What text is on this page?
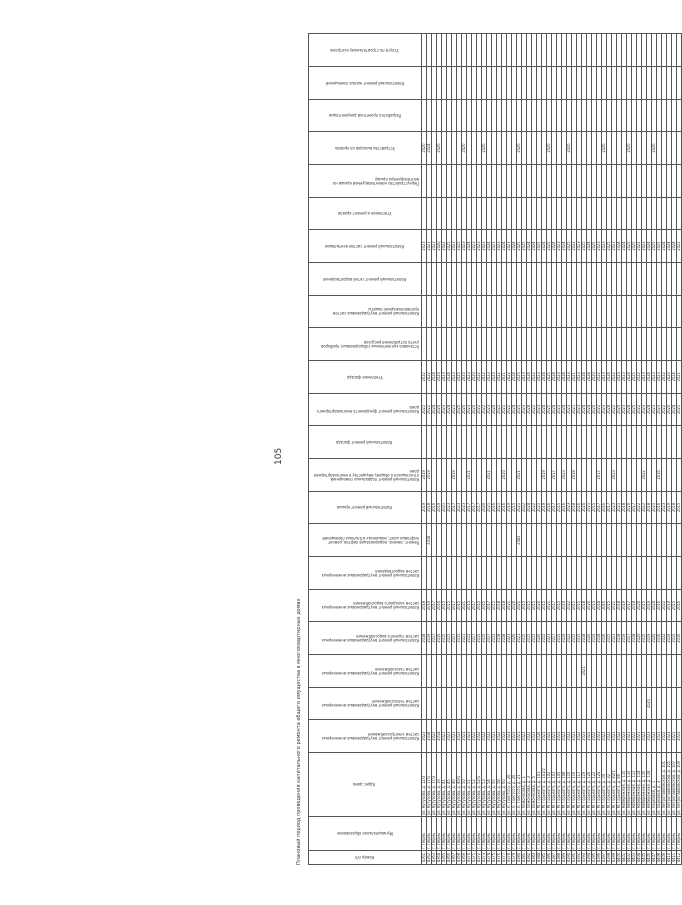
105
Плановый период проведения капитального ремонта общего имущества в многоквартирных домах	Номер п/п	Муниципальное образование	Адрес дома	Капитальный ремонт внутридомовых инженерных систем электроснабжения	Капитальный ремонт внутридомовых инженерных систем теплоснабжения	Капитальный ремонт внутридомовых инженерных систем газоснабжения	Капитальный ремонт внутридомовых инженерных систем горячего водоснабжения	Капитальный ремонт внутридомовых инженерных систем холодного водоснабжения	Капитальный ремонт внутридомовых инженерных систем водоотведения	Ремонт, замена, модернизация лифтов, ремонт лифтовых шахт, машинных и блочных помещений	Капитальный ремонт крыши	Капитальный ремонт подвальных помещений, относящихся к общему имуществу в многоквартирном доме	Капитальный ремонт фасада	Капитальный ремонт фундамента многоквартирного дома	Утепление фасада	Установка коллективных (общедомовых) приборов учета потребления ресурсов	Капитальный ремонт внутридомовых систем противопожарной защиты	Капитальный ремонт сетей водоотведения	Капитальный ремонт систем вентиляции	Утепление и ремонт кровли	Переустройство невентилируемой крыши на вентилируемую крышу	Устройство выходов на кровлю	Разработка проектной документации	Капитальный ремонт жилых помещений	Услуги по строительному контролю
4361	г. Пермь	ул. Кутузова, д. 12/3	2023			2018	2018			2019	2019		2022	2022				2023			2026			
4362	г. Пермь	ул. Кутузова, д. 17/1	2018			2019	2019		2018	2018	2019		2022	2022				2023			2024			
4363	г. Пермь	ул. Кутузова, д. 17/3	2022			2017	2017			2016			2024	2024				2023						
4364	г. Пермь	ул. Кутузова, д. 19	2014			2016	2016			2019			2020	2020				2020			2026			
4365	г. Пермь	ул. Кутузова, д. 41	2021			2015	2015			2021			2023	2023				2022						
4366	г. Пермь	ул. Кутузова, д. 45	2023			2015	2015			2023			2024	2024				2025						
4367	г. Пермь	ул. Кутузова, д. 49	2023			2017	2017			2017	2019		2023	2023				2023						
4368	г. Пермь	ул. Кутузова, д. 49/1	2023			2015	2015			2023			2025	2025				2025						
4369	г. Пермь	ул. Кутузова, д. 50	2021			2021	2021			2023			2020	2020				2023			2026			
4370	г. Пермь	ул. Кутузова, д. 51	2023			2015	2015			2017	2021		2023	2023				2024						
4371	г. Пермь	ул. Кутузова, д. 52	2022			2017	2017			2017			2020	2020				2023						
4372	г. Пермь	ул. Кутузова, д. 52/1	2022			2015	2015			2017			2022	2022				2023						
4373	г. Пермь	ул. Кутузова, д. 53	2022			2015	2015			2020			2022	2022				2023			2026			
4374	г. Пермь	ул. Кутузова, д. 54	2022			2017	2017			2021	2021		2023	2023				2024						
4375	г. Пермь	ул. Кутузова, д. 56	2021			2015	2015			2016			2020	2020				2021						
4376	г. Пермь	ул. Кутузова, д. 58	2022			2018	2018			2021			2022	2022				2023						
4377	г. Пермь	ул. Кутузова, д. 60	2023			2018	2018			2016	2020		2021	2021				2024						
4378	г. Пермь	ул. Л. Толстого, д. 20	2023			2021	2021			2019			2022	2022				2023						
4379	г. Пермь	ул. Л. Толстого, д. 20	2023			2020	2020			2015			2024	2024				2024						
4380	г. Пермь	ул. Л. Толстого, д. 21	2021			2021	2021		2043	2021	2021		2025	2025				2025			2026			
4381	г. Пермь	ул. Ломоносова, д. 1	2021			2015	2015			2022			2023	2023				2025						
4382	г. Пермь	ул. Ломоносова, д. 3	2022			2015	2015			2024			2024	2024				2024						
4383	г. Пермь	ул. Ломоносова, д. 5	2023			2015	2015			2022			2022	2022				2024						
4384	г. Пермь	ул. М. Горького, д. 101	2020			2020	2020			2021			2023	2023				2025						
4385	г. Пермь	ул. М. Горького, д. 101/2	2021			2015	2015			2019	2019		2024	2024				2024						
4386	г. Пермь	ул. М. Горького, д. 102	2022			2021	2021			2016			2025	2025				2025			2026			
4387	г. Пермь	ул. М. Горького, д. 103	2021			2017	2017			2017	2017		2024	2024				2024						
4388	г. Пермь	ул. М. Горького, д. 105	2023			2015	2015			2015			2023	2023				2023						
4389	г. Пермь	ул. М. Горького, д. 108	2021			2019	2019			2016	2023		2024	2024				2024						
4390	г. Пермь	ул. М. Горького, д. 110	2022			2022	2022			2023			2023	2023				2025			2026			
4391	г. Пермь	ул. М. Горького, д. 116	2021			2015	2015			2018	2018		2021	2021				2022						
4392	г. Пермь	ул. М. Горького, д. 117	2022			2015	2015			2016			2023	2023				2023						
4393	г. Пермь	ул. М. Горького, д. 119	2023		2021	2018	2018			2020			2024	2024				2025						
4394	г. Пермь	ул. М. Горького, д. 120	2022			2020	2020			2021			2024	2024				2024						
4395	г. Пермь	ул. М. Горького, д. 122	2022			2015	2015			2015			2020	2020				2025						
4396	г. Пермь	ул. М. Горького, д. 12а	2023			2018	2018			2017	2017		2022	2022				2023						
4397	г. Пермь	ул. М. Горького, д. 30	2021			2016	2016			2016			2023	2023				2023			2026			
4398	г. Пермь	ул. М. Горького, д. 32	2022			2015	2015			2017			2024	2024				2025						
4399	г. Пермь	ул. М. Горького, д. 82/1	2021			2021	2021			2023	2023		2022	2022				2023						
4400	г. Пермь	ул. М. Горького, д. 86	2022			2018	2018			2021			2020	2020				2024						
4401	г. Пермь	ул. Набережная, д. 110	2023			2019	2019			2018			2023	2023				2024						
4402	г. Пермь	ул. Набережная, д. 110	2021			2017	2017			2020			2024	2024				2025			2026			
4403	г. Пермь	ул. Набережная, д. 112	2022			2018	2018			2017			2025	2025				2025						
4404	г. Пермь	ул. Набережная, д. 114	2021			2020	2020			2022			2022	2022				2022						
4405	г. Пермь	ул. Набережная, д. 116	2023			2015	2015			2022	2022		2023	2023				2023						
4406	г. Пермь	ул. Набережная, д. 118	2023	2021		2019	2019			2018			2024	2024				2024						
4407	г. Пермь	ул. Парковая, д. 1	2022			2020	2020			2021			2023	2023				2025			2026			
4408	г. Пермь	ул. Парковая, д. 3	2021			2016	2016			2016	2016		2023	2023				2025						
4409	г. Пермь	ул. Петропавловская, д. 101	2022			2022	2022			2023			2022	2022				2024						
4410	г. Пермь	ул. Петропавловская, д. 105	2023			2019	2019			2019			2020	2020				2024						
4411	г. Пермь	ул. Петропавловская, д. 107	2021			2015	2015			2018			2024	2024				2024						
4412	г. Пермь	ул. Петропавловская, д. 109	2023			2016	2016			2015			2021	2021				2022						
